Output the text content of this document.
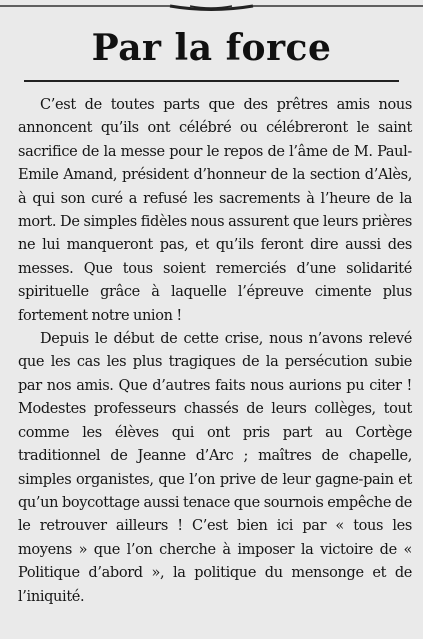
Par la force

C’est de toutes parts que des prêtres amis nous annoncent qu’ils ont célébré ou célébreront le saint sacrifice de la messe pour le repos de l’âme de M. Paul-Emile Amand, président d’honneur de la section d’Alès, à qui son curé a refusé les sacrements à l’heure de la mort. De simples fidèles nous assurent que leurs prières ne lui manqueront pas, et qu’ils feront dire aussi des messes. Que tous soient remerciés d’une solidarité spirituelle grâce à laquelle l’épreuve cimente plus fortement notre union !

Depuis le début de cette crise, nous n’avons relevé que les cas les plus tragiques de la persécution subie par nos amis. Que d’autres faits nous aurions pu citer ! Modestes professeurs chassés de leurs collèges, tout comme les élèves qui ont pris part au Cortège traditionnel de Jeanne d’Arc ; maîtres de chapelle, simples organistes, que l’on prive de leur gagne-pain et qu’un boycottage aussi tenace que sournois empêche de le retrouver ailleurs ! C’est bien ici par « tous les moyens » que l’on cherche à imposer la victoire de « Politique d’abord », la politique du mensonge et de l’iniquité.
